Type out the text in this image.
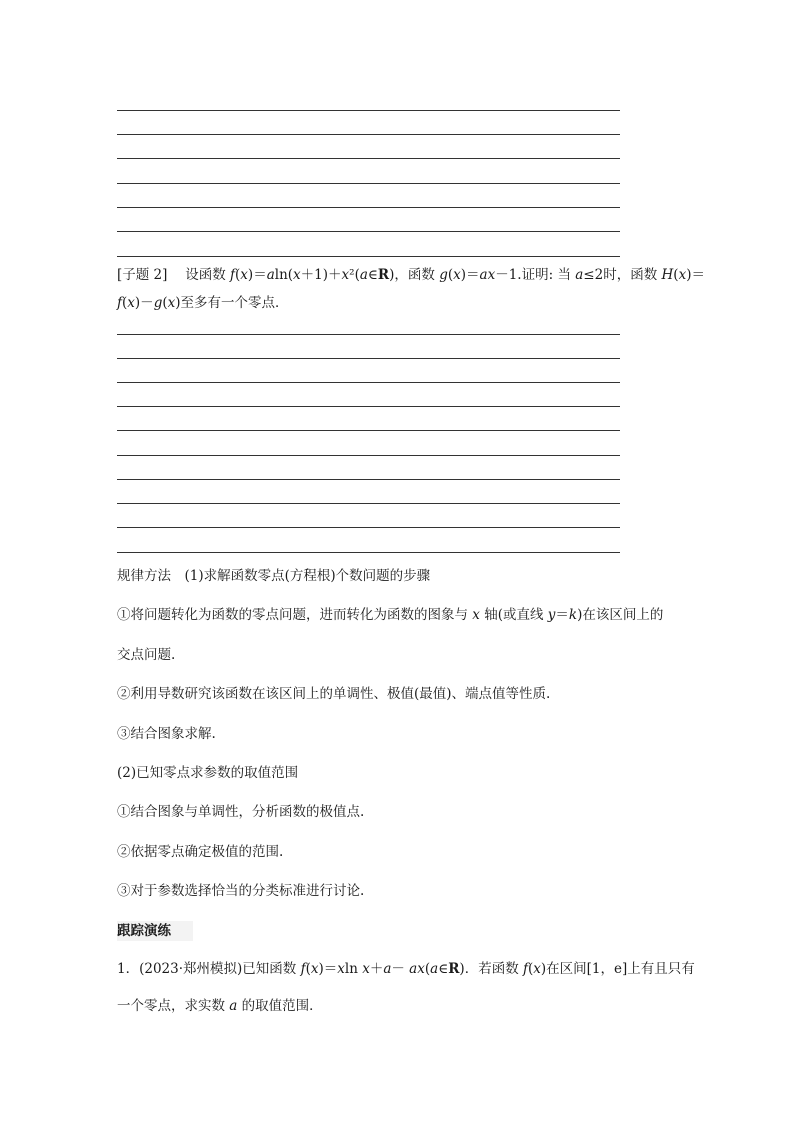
[子题 2]　 设函数 f(x)＝aln(x＋1)＋x²(a∈R)，函数 g(x)＝ax－1.证明: 当 a≤2时，函数 H(x)＝
f(x)－g(x)至多有一个零点．
规律方法　(1)求解函数零点(方程根)个数问题的步骤
①将问题转化为函数的零点问题，进而转化为函数的图象与 x 轴(或直线 y＝k)在该区间上的
交点问题.
②利用导数研究该函数在该区间上的单调性、极值(最值)、端点值等性质.
③结合图象求解.
(2)已知零点求参数的取值范围
①结合图象与单调性，分析函数的极值点.
②依据零点确定极值的范围.
③对于参数选择恰当的分类标准进行讨论.
跟踪演练
1．(2023·郑州模拟)已知函数 f(x)＝xln x＋a－ ax(a∈R)．若函数 f(x)在区间[1，e]上有且只有
一个零点，求实数 a 的取值范围．
